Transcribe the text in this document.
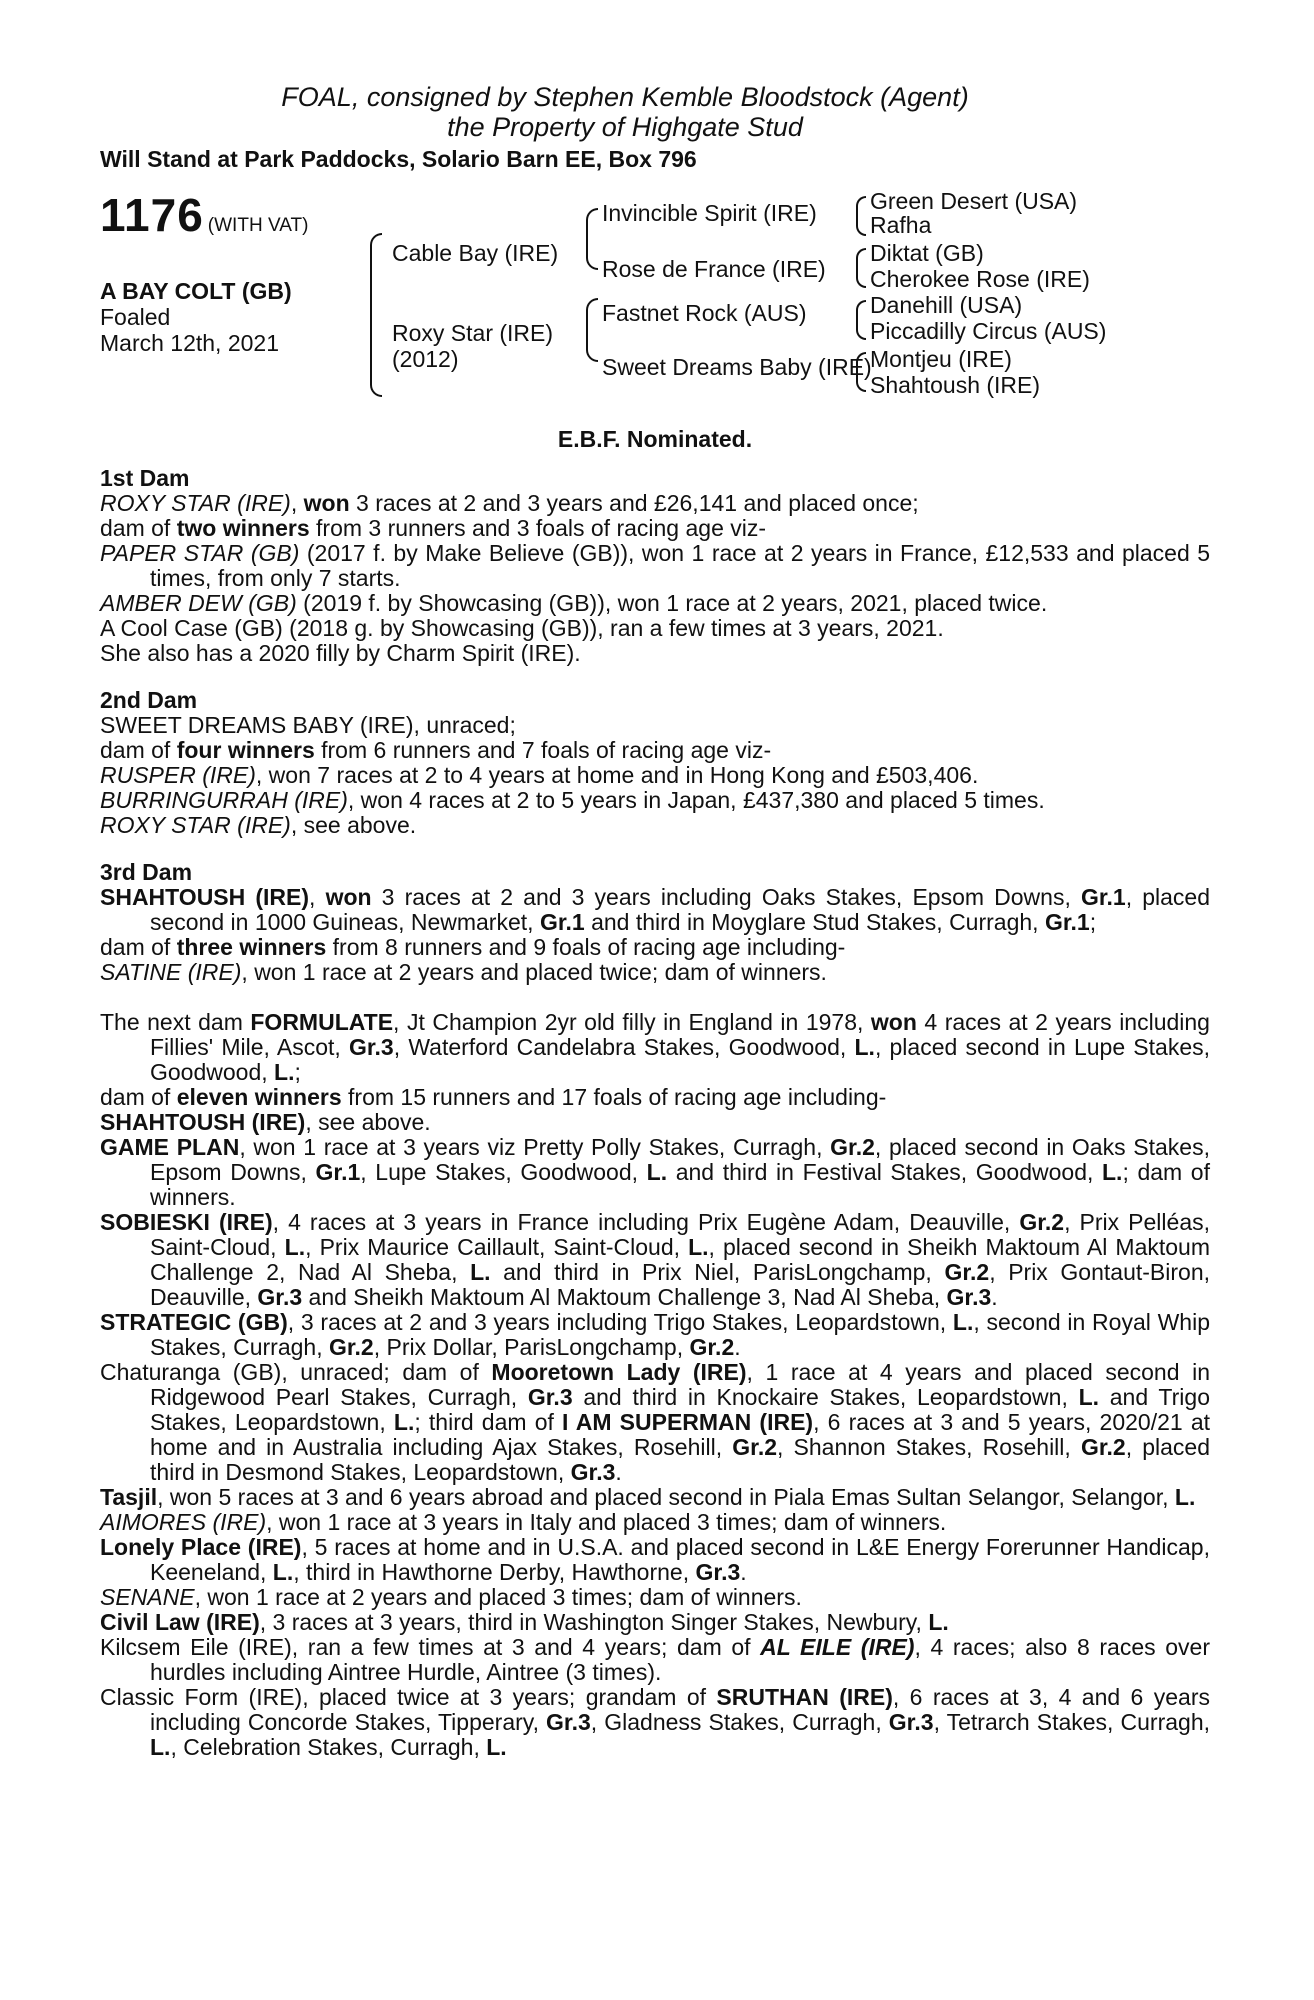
FOAL, consigned by Stephen Kemble Bloodstock (Agent)
the Property of Highgate Stud
Will Stand at Park Paddocks, Solario Barn EE, Box 796
1176 (WITH VAT)
A BAY COLT (GB)
Foaled
March 12th, 2021
Cable Bay (IRE)
Roxy Star (IRE)
(2012)
Invincible Spirit (IRE)
Rose de France (IRE)
Fastnet Rock (AUS)
Sweet Dreams Baby (IRE)
Green Desert (USA)
Rafha
Diktat (GB)
Cherokee Rose (IRE)
Danehill (USA)
Piccadilly Circus (AUS)
Montjeu (IRE)
Shahtoush (IRE)
E.B.F. Nominated.
1st Dam

ROXY STAR (IRE), won 3 races at 2 and 3 years and £26,141 and placed once;

dam of two winners from 3 runners and 3 foals of racing age viz-

PAPER STAR (GB) (2017 f. by Make Believe (GB)), won 1 race at 2 years in France, £12,533 and placed 5 times, from only 7 starts.

AMBER DEW (GB) (2019 f. by Showcasing (GB)), won 1 race at 2 years, 2021, placed twice.

A Cool Case (GB) (2018 g. by Showcasing (GB)), ran a few times at 3 years, 2021.

She also has a 2020 filly by Charm Spirit (IRE).

2nd Dam

SWEET DREAMS BABY (IRE), unraced;

dam of four winners from 6 runners and 7 foals of racing age viz-

RUSPER (IRE), won 7 races at 2 to 4 years at home and in Hong Kong and £503,406.

BURRINGURRAH (IRE), won 4 races at 2 to 5 years in Japan, £437,380 and placed 5 times.

ROXY STAR (IRE), see above.

3rd Dam

SHAHTOUSH (IRE), won 3 races at 2 and 3 years including Oaks Stakes, Epsom Downs, Gr.1, placed second in 1000 Guineas, Newmarket, Gr.1 and third in Moyglare Stud Stakes, Curragh, Gr.1;

dam of three winners from 8 runners and 9 foals of racing age including-

SATINE (IRE), won 1 race at 2 years and placed twice; dam of winners.

The next dam FORMULATE, Jt Champion 2yr old filly in England in 1978, won 4 races at 2 years including Fillies' Mile, Ascot, Gr.3, Waterford Candelabra Stakes, Goodwood, L., placed second in Lupe Stakes, Goodwood, L.;

dam of eleven winners from 15 runners and 17 foals of racing age including-

SHAHTOUSH (IRE), see above.

GAME PLAN, won 1 race at 3 years viz Pretty Polly Stakes, Curragh, Gr.2, placed second in Oaks Stakes, Epsom Downs, Gr.1, Lupe Stakes, Goodwood, L. and third in Festival Stakes, Goodwood, L.; dam of winners.

SOBIESKI (IRE), 4 races at 3 years in France including Prix Eugène Adam, Deauville, Gr.2, Prix Pelléas, Saint-Cloud, L., Prix Maurice Caillault, Saint-Cloud, L., placed second in Sheikh Maktoum Al Maktoum Challenge 2, Nad Al Sheba, L. and third in Prix Niel, ParisLongchamp, Gr.2, Prix Gontaut-Biron, Deauville, Gr.3 and Sheikh Maktoum Al Maktoum Challenge 3, Nad Al Sheba, Gr.3.

STRATEGIC (GB), 3 races at 2 and 3 years including Trigo Stakes, Leopardstown, L., second in Royal Whip Stakes, Curragh, Gr.2, Prix Dollar, ParisLongchamp, Gr.2.

Chaturanga (GB), unraced; dam of Mooretown Lady (IRE), 1 race at 4 years and placed second in Ridgewood Pearl Stakes, Curragh, Gr.3 and third in Knockaire Stakes, Leopardstown, L. and Trigo Stakes, Leopardstown, L.; third dam of I AM SUPERMAN (IRE), 6 races at 3 and 5 years, 2020/21 at home and in Australia including Ajax Stakes, Rosehill, Gr.2, Shannon Stakes, Rosehill, Gr.2, placed third in Desmond Stakes, Leopardstown, Gr.3.

Tasjil, won 5 races at 3 and 6 years abroad and placed second in Piala Emas Sultan Selangor, Selangor, L.

AIMORES (IRE), won 1 race at 3 years in Italy and placed 3 times; dam of winners.

Lonely Place (IRE), 5 races at home and in U.S.A. and placed second in L&E Energy Forerunner Handicap, Keeneland, L., third in Hawthorne Derby, Hawthorne, Gr.3.

SENANE, won 1 race at 2 years and placed 3 times; dam of winners.

Civil Law (IRE), 3 races at 3 years, third in Washington Singer Stakes, Newbury, L.

Kilcsem Eile (IRE), ran a few times at 3 and 4 years; dam of AL EILE (IRE), 4 races; also 8 races over hurdles including Aintree Hurdle, Aintree (3 times).

Classic Form (IRE), placed twice at 3 years; grandam of SRUTHAN (IRE), 6 races at 3, 4 and 6 years including Concorde Stakes, Tipperary, Gr.3, Gladness Stakes, Curragh, Gr.3, Tetrarch Stakes, Curragh, L., Celebration Stakes, Curragh, L.
